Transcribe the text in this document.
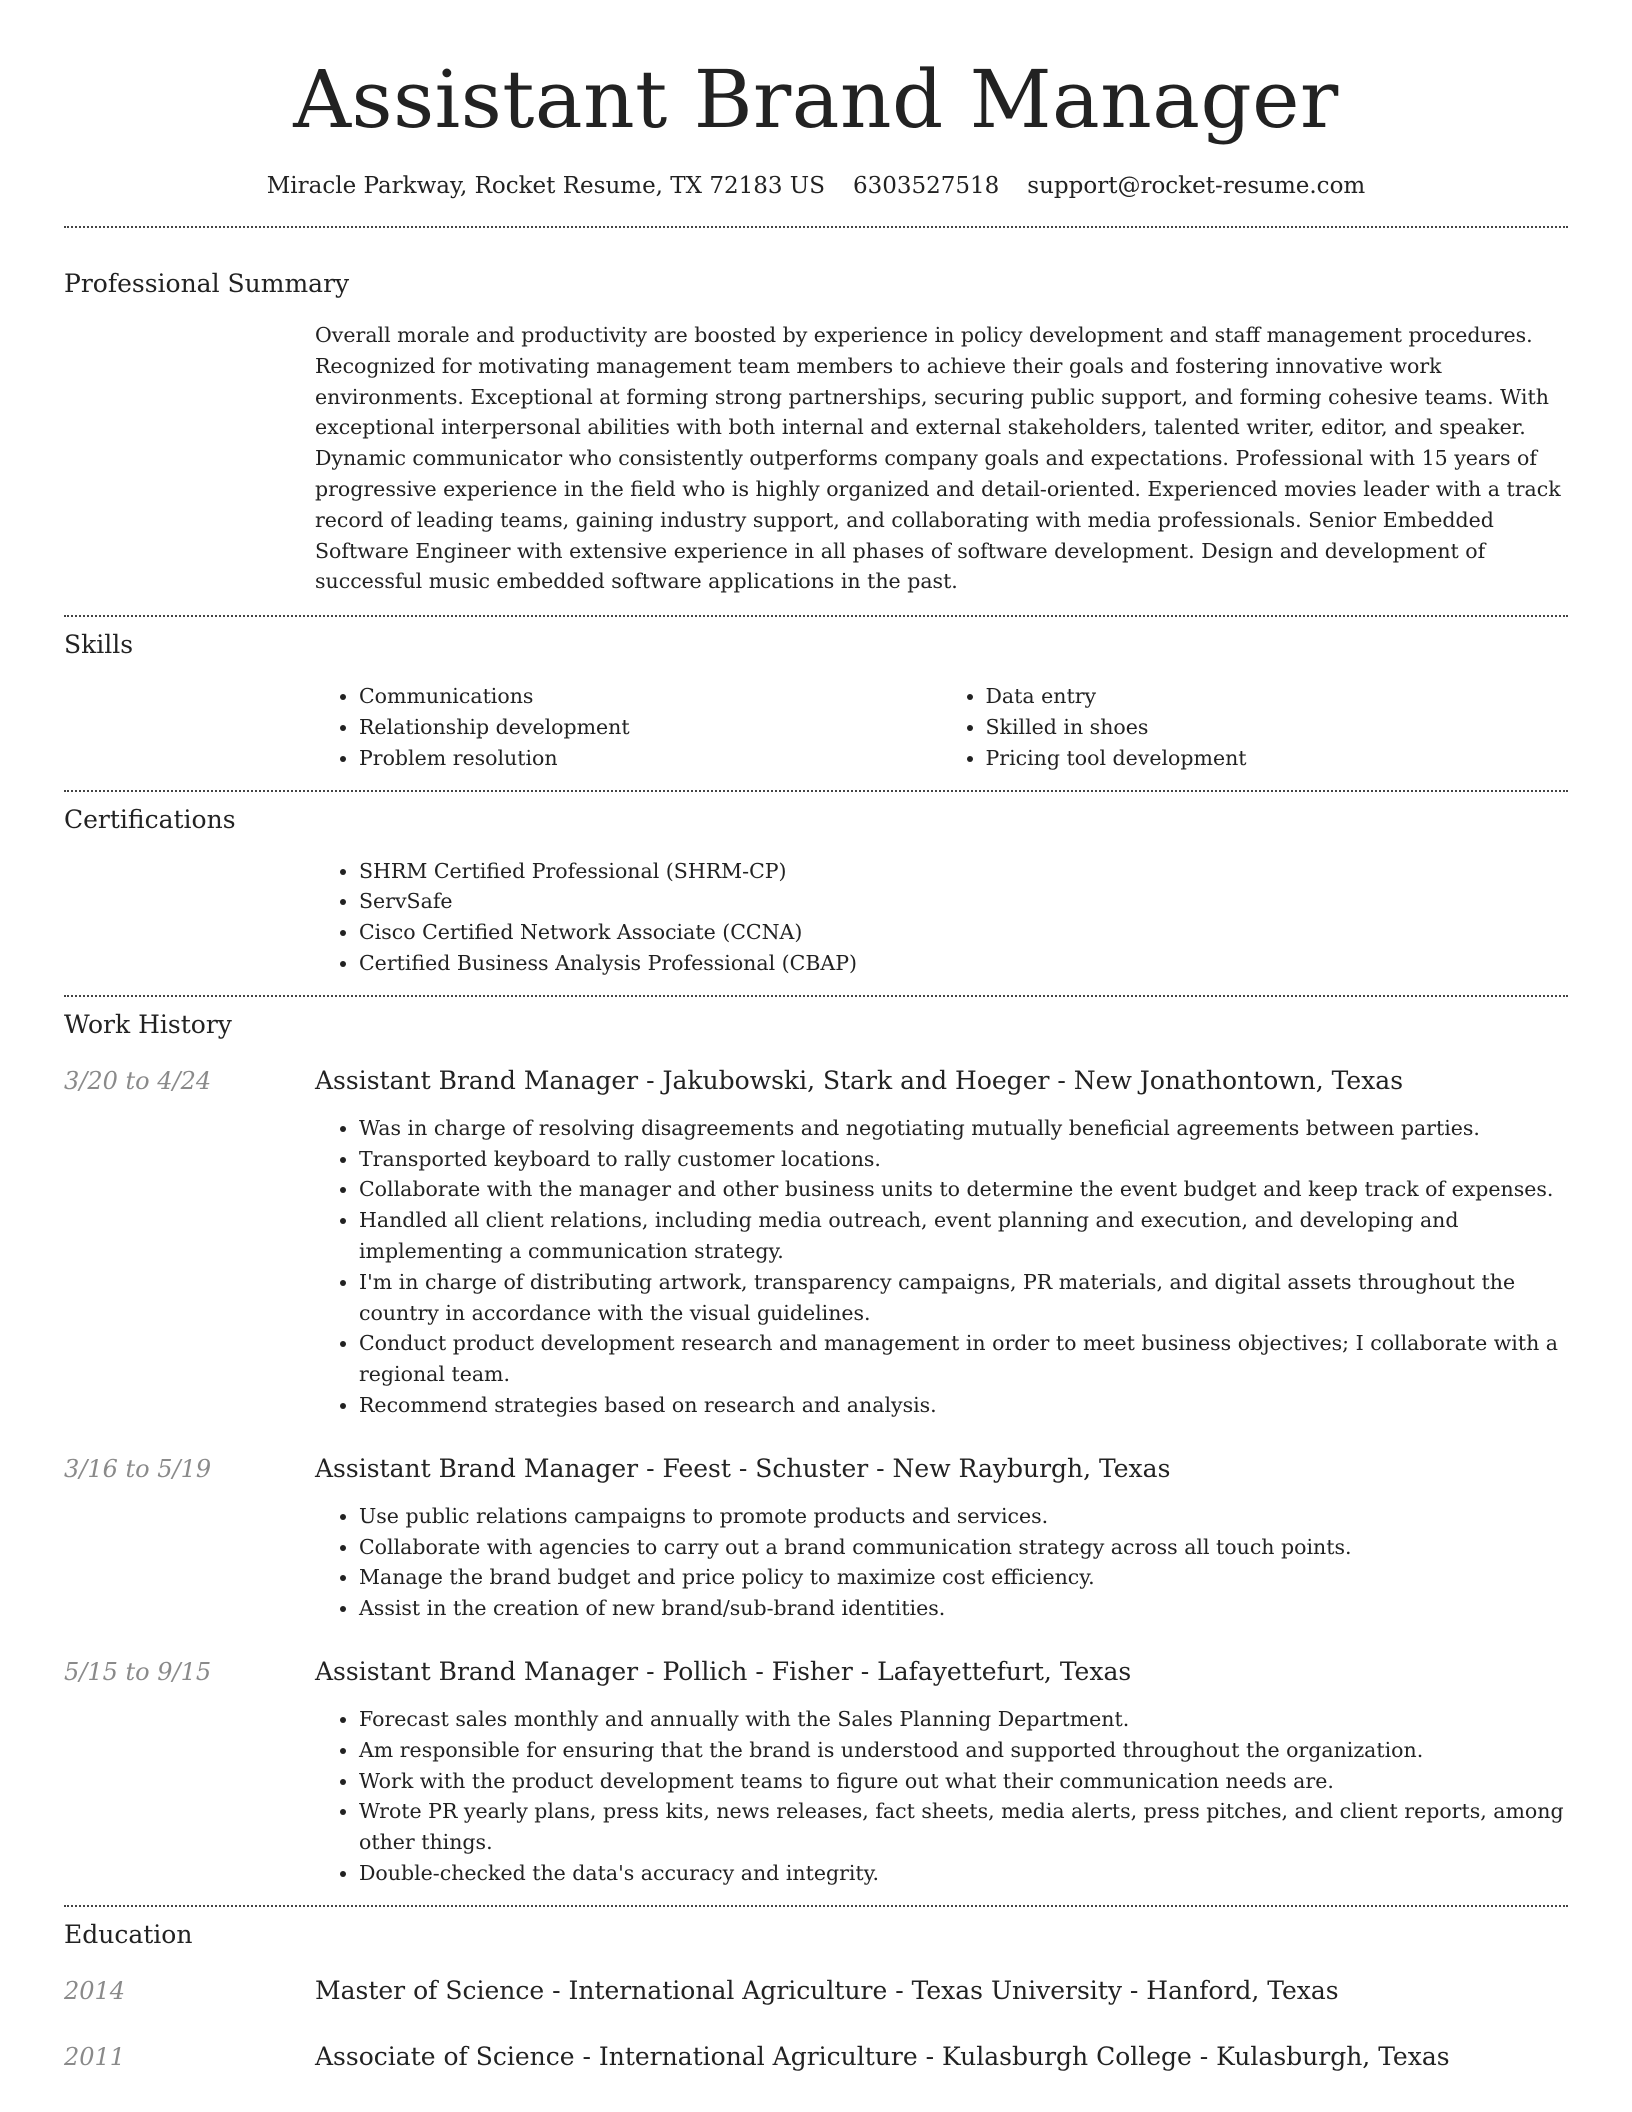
Assistant Brand Manager
Miracle Parkway, Rocket Resume, TX 72183 US 6303527518 support@rocket-resume.com
Professional Summary
Overall morale and productivity are boosted by experience in policy development and staff management procedures. Recognized for motivating management team members to achieve their goals and fostering innovative work environments. Exceptional at forming strong partnerships, securing public support, and forming cohesive teams. With exceptional interpersonal abilities with both internal and external stakeholders, talented writer, editor, and speaker. Dynamic communicator who consistently outperforms company goals and expectations. Professional with 15 years of progressive experience in the field who is highly organized and detail-oriented. Experienced movies leader with a track record of leading teams, gaining industry support, and collaborating with media professionals. Senior Embedded Software Engineer with extensive experience in all phases of software development. Design and development of successful music embedded software applications in the past.
Skills
• Communications
• Relationship development
• Problem resolution
• Data entry
• Skilled in shoes
• Pricing tool development
Certifications
• SHRM Certified Professional (SHRM-CP)
• ServSafe
• Cisco Certified Network Associate (CCNA)
• Certified Business Analysis Professional (CBAP)
Work History
3/20 to 4/24	Assistant Brand Manager - Jakubowski, Stark and Hoeger - New Jonathontown, Texas
• Was in charge of resolving disagreements and negotiating mutually beneficial agreements between parties.
• Transported keyboard to rally customer locations.
• Collaborate with the manager and other business units to determine the event budget and keep track of expenses.
• Handled all client relations, including media outreach, event planning and execution, and developing and implementing a communication strategy.
• I'm in charge of distributing artwork, transparency campaigns, PR materials, and digital assets throughout the country in accordance with the visual guidelines.
• Conduct product development research and management in order to meet business objectives; I collaborate with a regional team.
• Recommend strategies based on research and analysis.
3/16 to 5/19	Assistant Brand Manager - Feest - Schuster - New Rayburgh, Texas
• Use public relations campaigns to promote products and services.
• Collaborate with agencies to carry out a brand communication strategy across all touch points.
• Manage the brand budget and price policy to maximize cost efficiency.
• Assist in the creation of new brand/sub-brand identities.
5/15 to 9/15	Assistant Brand Manager - Pollich - Fisher - Lafayettefurt, Texas
• Forecast sales monthly and annually with the Sales Planning Department.
• Am responsible for ensuring that the brand is understood and supported throughout the organization.
• Work with the product development teams to figure out what their communication needs are.
• Wrote PR yearly plans, press kits, news releases, fact sheets, media alerts, press pitches, and client reports, among other things.
• Double-checked the data's accuracy and integrity.
Education
2014	Master of Science - International Agriculture - Texas University - Hanford, Texas
2011	Associate of Science - International Agriculture - Kulasburgh College - Kulasburgh, Texas
